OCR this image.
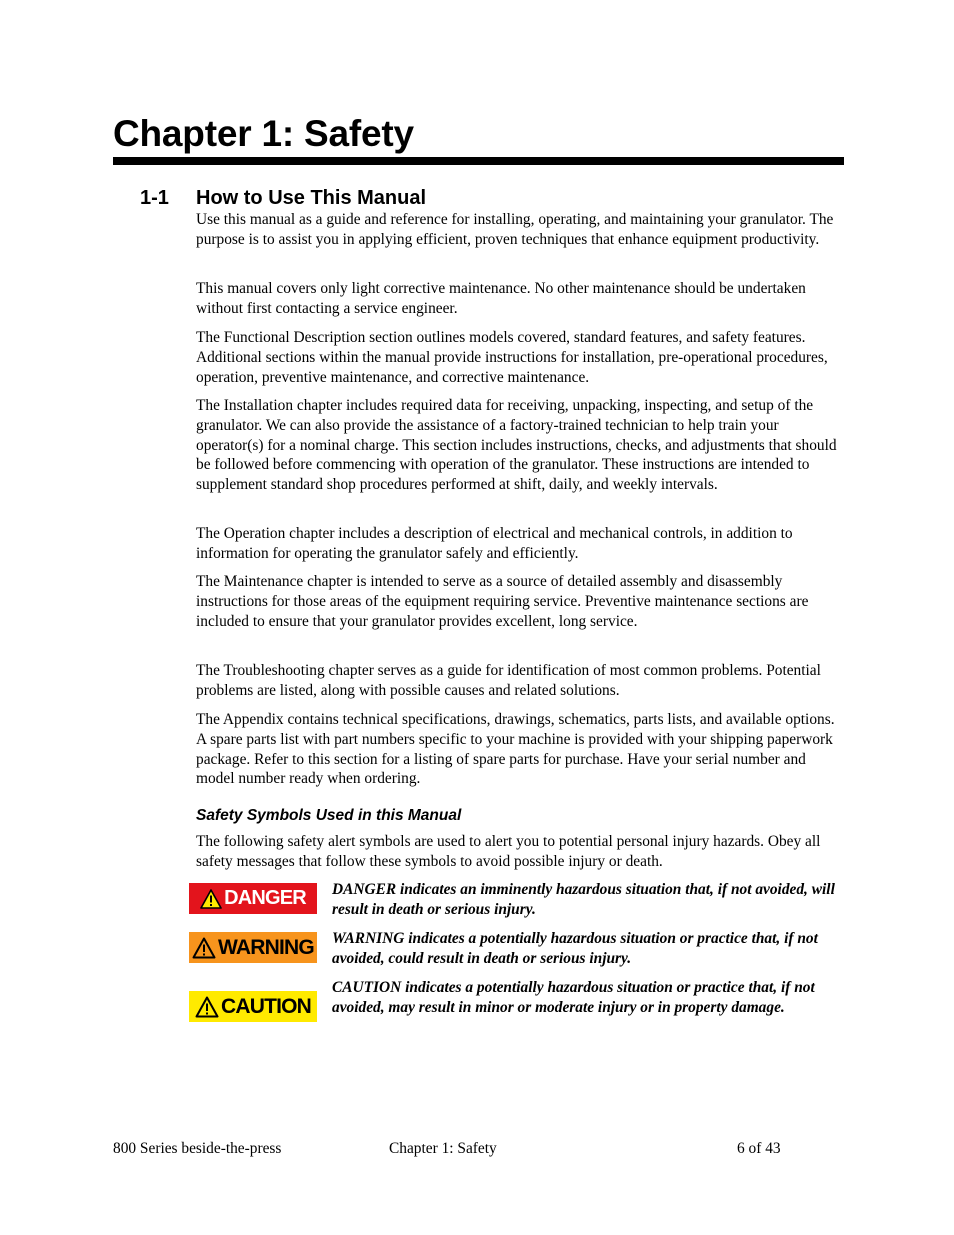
Chapter 1: Safety
1-1 How to Use This Manual

Use this manual as a guide and reference for installing, operating, and maintaining your granulator. The purpose is to assist you in applying efficient, proven techniques that enhance equipment productivity.

This manual covers only light corrective maintenance. No other maintenance should be undertaken without first contacting a service engineer.

The Functional Description section outlines models covered, standard features, and safety features. Additional sections within the manual provide instructions for installation, pre-operational procedures, operation, preventive maintenance, and corrective maintenance.

The Installation chapter includes required data for receiving, unpacking, inspecting, and setup of the granulator. We can also provide the assistance of a factory-trained technician to help train your operator(s) for a nominal charge. This section includes instructions, checks, and adjustments that should be followed before commencing with operation of the granulator. These instructions are intended to supplement standard shop procedures performed at shift, daily, and weekly intervals.

The Operation chapter includes a description of electrical and mechanical controls, in addition to information for operating the granulator safely and efficiently.

The Maintenance chapter is intended to serve as a source of detailed assembly and disassembly instructions for those areas of the equipment requiring service. Preventive maintenance sections are included to ensure that your granulator provides excellent, long service.

The Troubleshooting chapter serves as a guide for identification of most common problems. Potential problems are listed, along with possible causes and related solutions.

The Appendix contains technical specifications, drawings, schematics, parts lists, and available options. A spare parts list with part numbers specific to your machine is provided with your shipping paperwork package. Refer to this section for a listing of spare parts for purchase. Have your serial number and model number ready when ordering.

Safety Symbols Used in this Manual

The following safety alert symbols are used to alert you to potential personal injury hazards. Obey all safety messages that follow these symbols to avoid possible injury or death.

DANGER DANGER indicates an imminently hazardous situation that, if not avoided, will result in death or serious injury.

WARNING WARNING indicates a potentially hazardous situation or practice that, if not avoided, could result in death or serious injury.

CAUTION

CAUTION indicates a potentially hazardous situation or practice that, if not avoided, may result in minor or moderate injury or in property damage.

800 Series beside-the-press	Chapter 1: Safety	6 of 43
